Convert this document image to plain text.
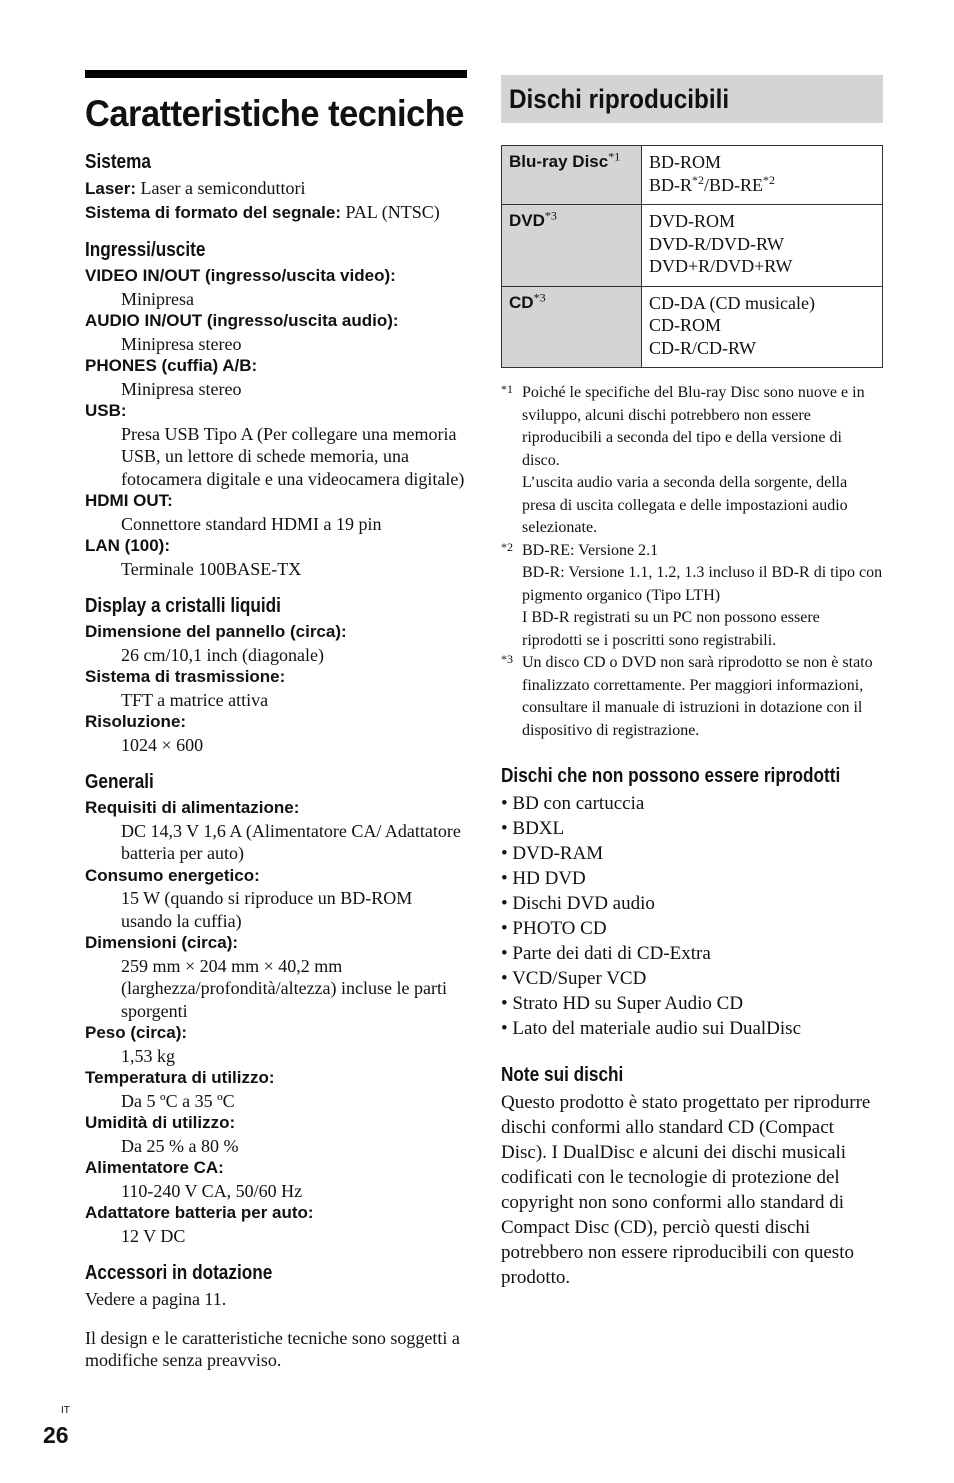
Caratteristiche tecniche
Sistema
Laser: Laser a semiconduttori
Sistema di formato del segnale: PAL (NTSC)
Ingressi/uscite
VIDEO IN/OUT (ingresso/uscita video):
Minipresa
AUDIO IN/OUT (ingresso/uscita audio):
Minipresa stereo
PHONES (cuffia) A/B:
Minipresa stereo
USB:
Presa USB Tipo A (Per collegare una memoria USB, un lettore di schede memoria, una fotocamera digitale e una videocamera digitale)
HDMI OUT:
Connettore standard HDMI a 19 pin
LAN (100):
Terminale 100BASE-TX
Display a cristalli liquidi
Dimensione del pannello (circa):
26 cm/10,1 inch (diagonale)
Sistema di trasmissione:
TFT a matrice attiva
Risoluzione:
1024 × 600
Generali
Requisiti di alimentazione:
DC 14,3 V 1,6 A (Alimentatore CA/ Adattatore batteria per auto)
Consumo energetico:
15 W (quando si riproduce un BD-ROM usando la cuffia)
Dimensioni (circa):
259 mm × 204 mm × 40,2 mm (larghezza/profondità/altezza) incluse le parti sporgenti
Peso (circa):
1,53 kg
Temperatura di utilizzo:
Da 5 ºC a 35 ºC
Umidità di utilizzo:
Da 25 % a 80 %
Alimentatore CA:
110-240 V CA, 50/60 Hz
Adattatore batteria per auto:
12 V DC
Accessori in dotazione
Vedere a pagina 11.
Il design e le caratteristiche tecniche sono soggetti a modifiche senza preavviso.
Dischi riproducibili
Blu-ray Disc$^{*1}$	BD-ROM
$BD-R^{*2}/BD-RE^{*2}$

DVD$^{*3}$	DVD-ROM
DVD-R/DVD-RW
DVD+R/DVD+RW

CD$^{*3}$	CD-DA (CD musicale)
CD-ROM
CD-R/CD-RW
*1 Poiché le specifiche del Blu-ray Disc sono nuove e in sviluppo, alcuni dischi potrebbero non essere riproducibili a seconda del tipo e della versione di disco.
L’uscita audio varia a seconda della sorgente, della presa di uscita collegata e delle impostazioni audio selezionate.
*2 BD-RE: Versione 2.1
BD-R: Versione 1.1, 1.2, 1.3 incluso il BD-R di tipo con pigmento organico (Tipo LTH)
I BD-R registrati su un PC non possono essere riprodotti se i poscritti sono registrabili.
*3 Un disco CD o DVD non sarà riprodotto se non è stato finalizzato correttamente. Per maggiori informazioni, consultare il manuale di istruzioni in dotazione con il dispositivo di registrazione.
Dischi che non possono essere riprodotti
• BD con cartuccia
• BDXL
• DVD-RAM
• HD DVD
• Dischi DVD audio
• PHOTO CD
• Parte dei dati di CD-Extra
• VCD/Super VCD
• Strato HD su Super Audio CD
• Lato del materiale audio sui DualDisc
Note sui dischi
Questo prodotto è stato progettato per riprodurre dischi conformi allo standard CD (Compact Disc). I DualDisc e alcuni dei dischi musicali codificati con le tecnologie di protezione del copyright non sono conformi allo standard di Compact Disc (CD), perciò questi dischi potrebbero non essere riproducibili con questo prodotto.
IT
26
